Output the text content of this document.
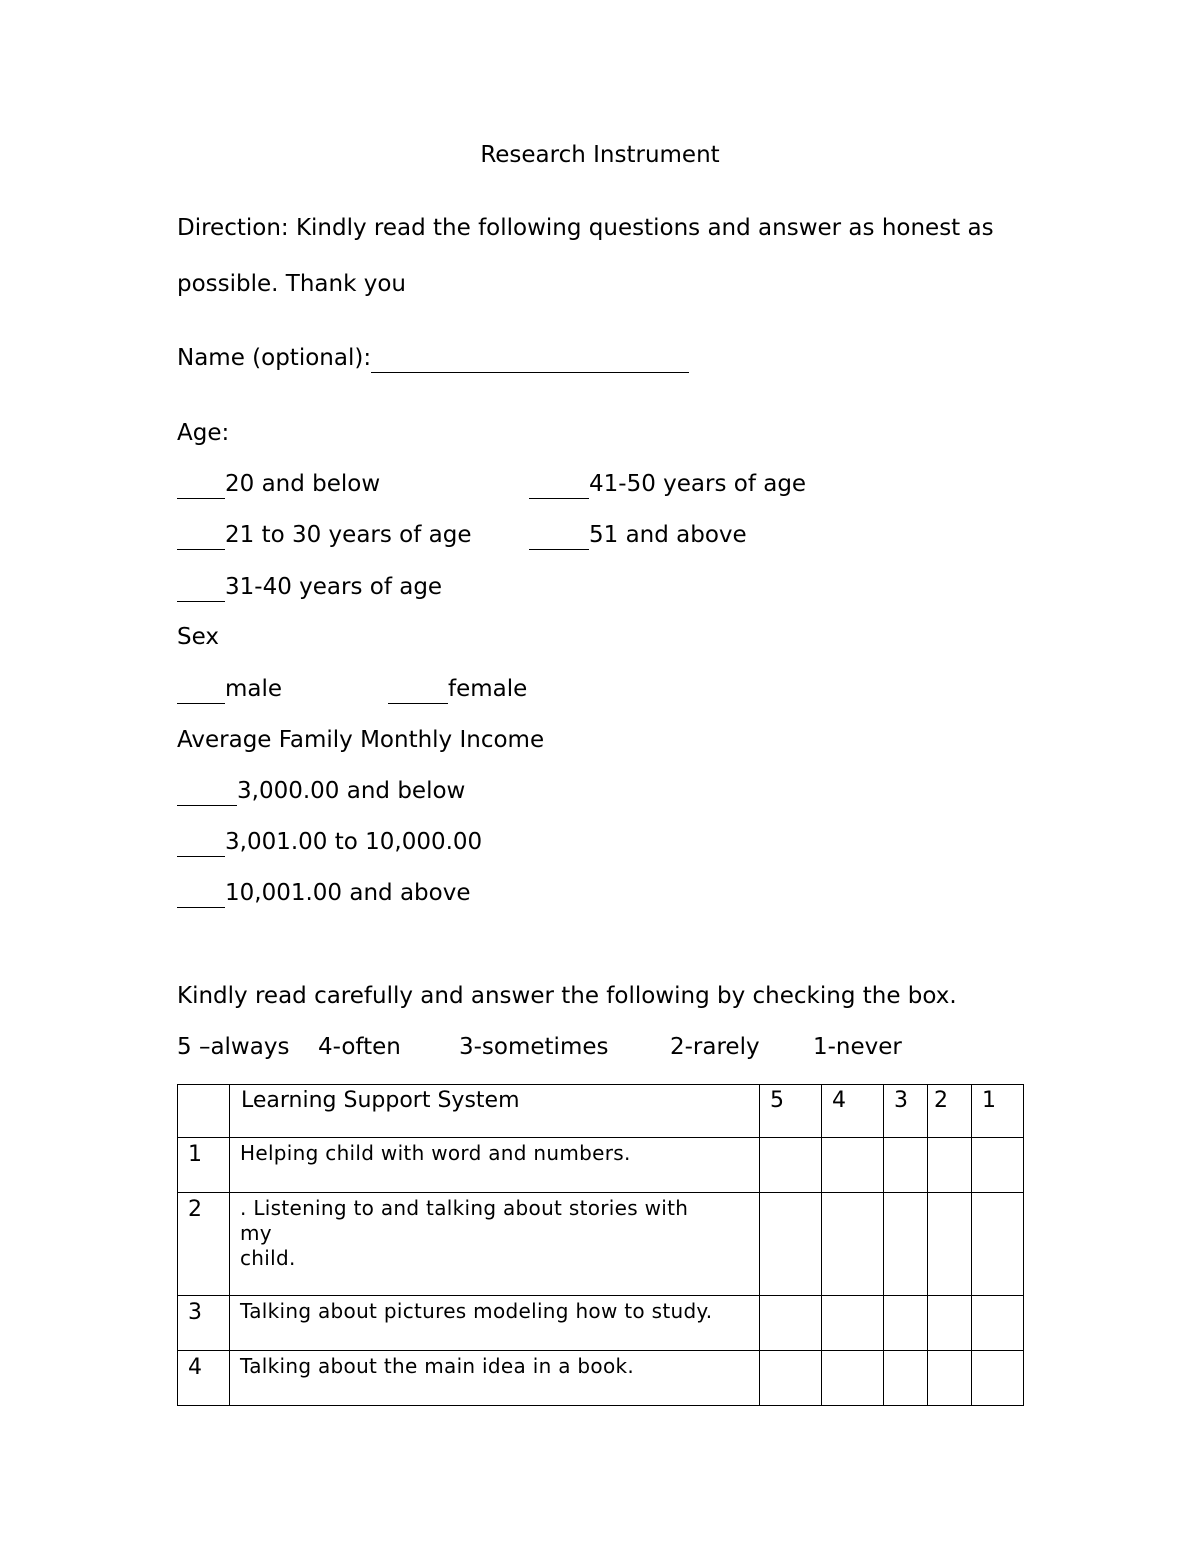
Research Instrument

Direction: Kindly read the following questions and answer as honest as

possible. Thank you

Name (optional):

Age:
20 and below	41-50 years of age
21 to 30 years of age	51 and above
31-40 years of age
Sex
male	female
Average Family Monthly Income
3,000.00 and below
3,001.00 to 10,000.00
10,001.00 and above
Kindly read carefully and answer the following by checking the box.
5 –always 4-often	3-sometimes	2-rarely 1-never
	Learning Support System	5	4	3	2	1
1	Helping child with word and numbers.					
2	. Listening to and talking about stories with
my
child.					

3	Talking about pictures modeling how to study.					
4	Talking about the main idea in a book.					
